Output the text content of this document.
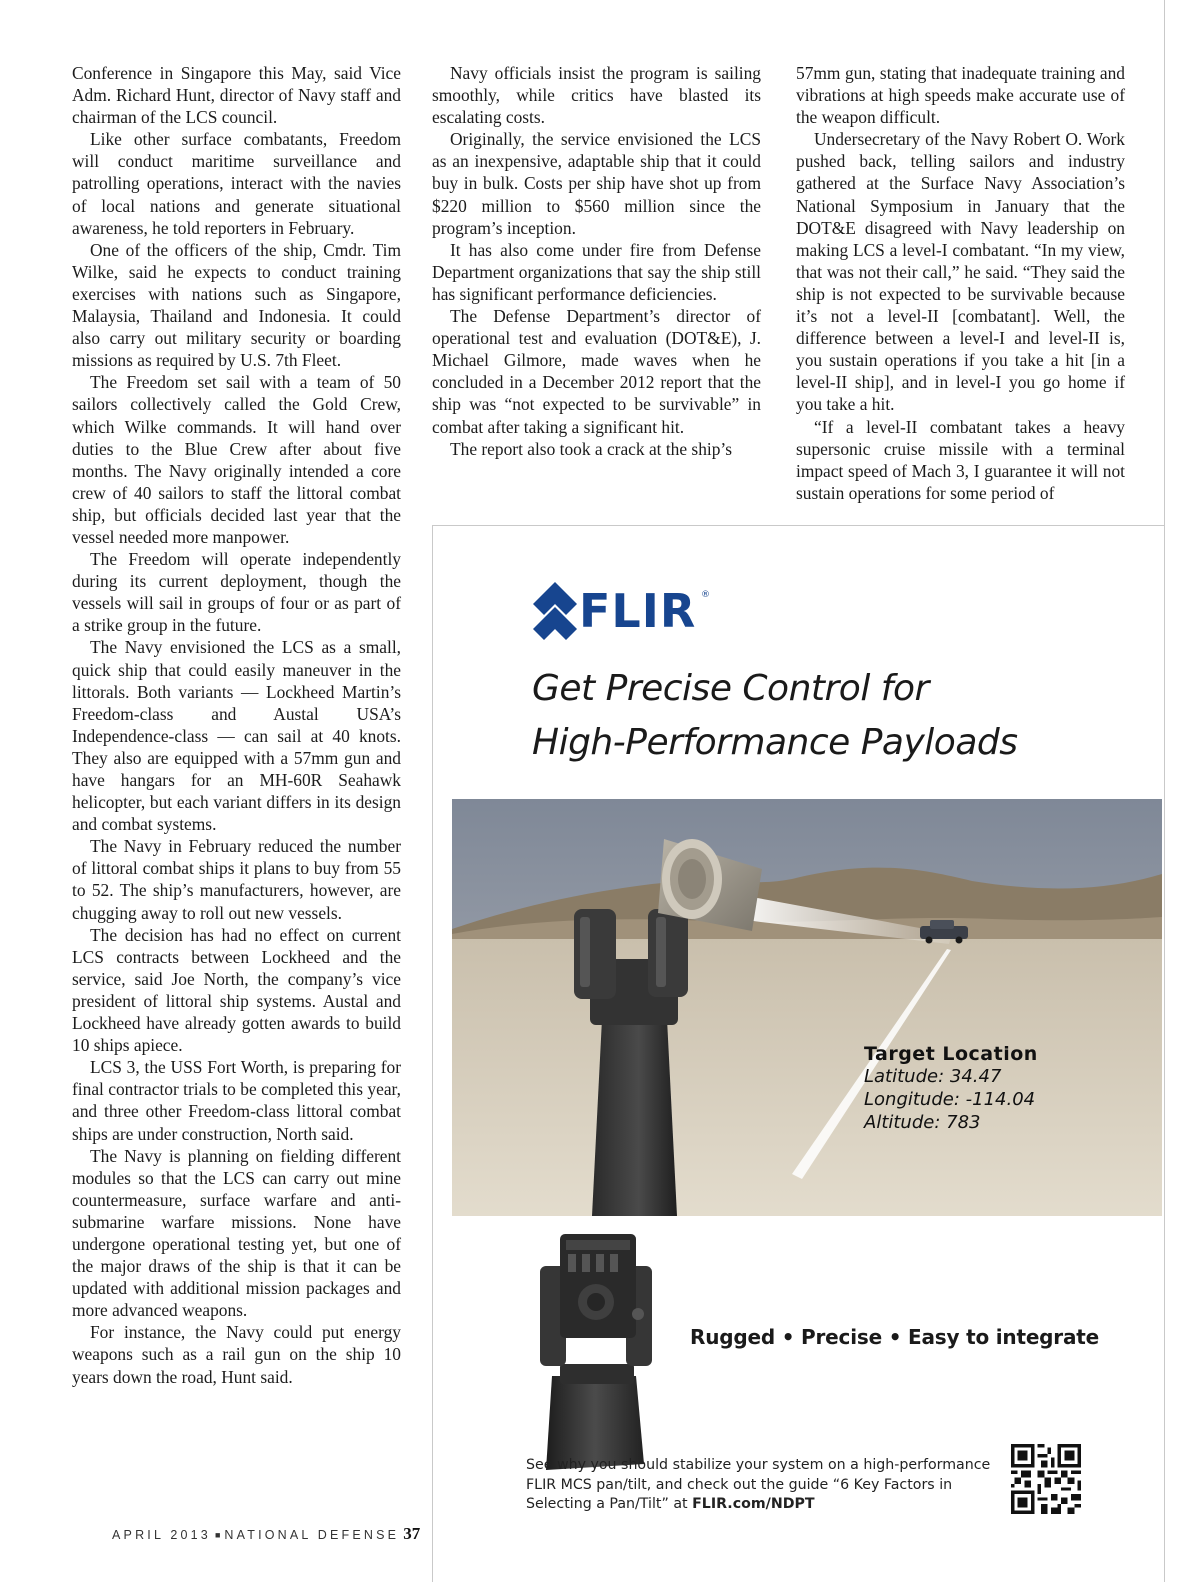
Conference in Singapore this May, said Vice Adm. Richard Hunt, director of Navy staff and chairman of the LCS council.

Like other surface combatants, Freedom will conduct maritime surveillance and patrolling operations, interact with the navies of local nations and generate situational awareness, he told reporters in February.

One of the officers of the ship, Cmdr. Tim Wilke, said he expects to conduct training exercises with nations such as Singapore, Malaysia, Thailand and Indonesia. It could also carry out military security or boarding missions as required by U.S. 7th Fleet.

The Freedom set sail with a team of 50 sailors collectively called the Gold Crew, which Wilke commands. It will hand over duties to the Blue Crew after about five months. The Navy originally intended a core crew of 40 sailors to staff the littoral combat ship, but officials decided last year that the vessel needed more manpower.

The Freedom will operate independently during its current deployment, though the vessels will sail in groups of four or as part of a strike group in the future.

The Navy envisioned the LCS as a small, quick ship that could easily maneuver in the littorals. Both variants — Lockheed Martin’s Freedom-class and Austal USA’s Independence-class — can sail at 40 knots. They also are equipped with a 57mm gun and have hangars for an MH-60R Seahawk helicopter, but each variant differs in its design and combat systems.

The Navy in February reduced the number of littoral combat ships it plans to buy from 55 to 52. The ship’s manufacturers, however, are chugging away to roll out new vessels.

The decision has had no effect on current LCS contracts between Lockheed and the service, said Joe North, the company’s vice president of littoral ship systems. Austal and Lockheed have already gotten awards to build 10 ships apiece.

LCS 3, the USS Fort Worth, is preparing for final contractor trials to be completed this year, and three other Freedom-class littoral combat ships are under construction, North said.

The Navy is planning on fielding different modules so that the LCS can carry out mine countermeasure, surface warfare and anti-submarine warfare missions. None have undergone operational testing yet, but one of the major draws of the ship is that it can be updated with additional mission packages and more advanced weapons.

For instance, the Navy could put energy weapons such as a rail gun on the ship 10 years down the road, Hunt said.

Navy officials insist the program is sailing smoothly, while critics have blasted its escalating costs.

Originally, the service envisioned the LCS as an inexpensive, adaptable ship that it could buy in bulk. Costs per ship have shot up from $220 million to $560 million since the program’s inception.

It has also come under fire from Defense Department organizations that say the ship still has significant performance deficiencies.

The Defense Department’s director of operational test and evaluation (DOT&E), J. Michael Gilmore, made waves when he concluded in a December 2012 report that the ship was “not expected to be survivable” in combat after taking a significant hit.

The report also took a crack at the ship’s

57mm gun, stating that inadequate training and vibrations at high speeds make accurate use of the weapon difficult.

Undersecretary of the Navy Robert O. Work pushed back, telling sailors and industry gathered at the Surface Navy Association’s National Symposium in January that the DOT&E disagreed with Navy leadership on making LCS a level-I combatant. “In my view, that was not their call,” he said. “They said the ship is not expected to be survivable because it’s not a level-II [combatant]. Well, the difference between a level-I and level-II is, you sustain operations if you take a hit [in a level-II ship], and in level-I you go home if you take a hit.

“If a level-II combatant takes a heavy supersonic cruise missile with a terminal impact speed of Mach 3, I guarantee it will not sustain operations for some period of

APRIL 2013 ■ NATIONAL DEFENSE 37
FLIR ®
Get Precise Control for
High-Performance Payloads
Target Location
Latitude: 34.47
Longitude: -114.04
Altitude: 783
Rugged • Precise • Easy to integrate
See why you should stabilize your system on a high-performance
FLIR MCS pan/tilt, and check out the guide “6 Key Factors in
Selecting a Pan/Tilt” at FLIR.com/NDPT
